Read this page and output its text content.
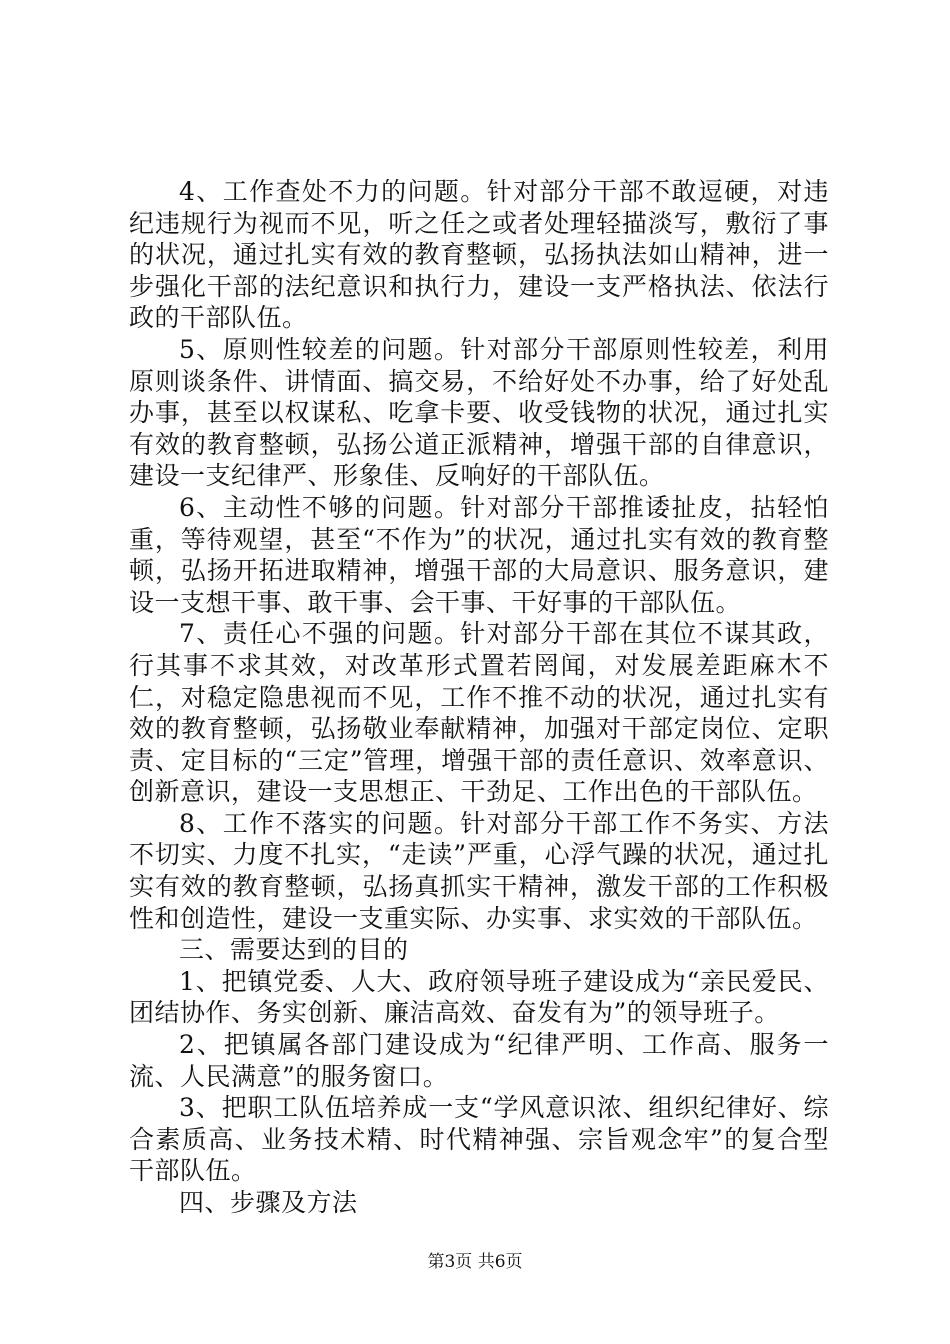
4、工作查处不力的问题。针对部分干部不敢逗硬，对违纪违规行为视而不见，听之任之或者处理轻描淡写，敷衍了事的状况，通过扎实有效的教育整顿，弘扬执法如山精神，进一步强化干部的法纪意识和执行力，建设一支严格执法、依法行政的干部队伍。

5、原则性较差的问题。针对部分干部原则性较差，利用原则谈条件、讲情面、搞交易，不给好处不办事，给了好处乱办事，甚至以权谋私、吃拿卡要、收受钱物的状况，通过扎实有效的教育整顿，弘扬公道正派精神，增强干部的自律意识，建设一支纪律严、形象佳、反响好的干部队伍。

6、主动性不够的问题。针对部分干部推诿扯皮，拈轻怕重，等待观望，甚至“不作为”的状况，通过扎实有效的教育整顿，弘扬开拓进取精神，增强干部的大局意识、服务意识，建设一支想干事、敢干事、会干事、干好事的干部队伍。

7、责任心不强的问题。针对部分干部在其位不谋其政，行其事不求其效，对改革形式置若罔闻，对发展差距麻木不仁，对稳定隐患视而不见，工作不推不动的状况，通过扎实有效的教育整顿，弘扬敬业奉献精神，加强对干部定岗位、定职责、定目标的“三定”管理，增强干部的责任意识、效率意识、创新意识，建设一支思想正、干劲足、工作出色的干部队伍。

8、工作不落实的问题。针对部分干部工作不务实、方法不切实、力度不扎实，“走读”严重，心浮气躁的状况，通过扎实有效的教育整顿，弘扬真抓实干精神，激发干部的工作积极性和创造性，建设一支重实际、办实事、求实效的干部队伍。

三、需要达到的目的

1、把镇党委、人大、政府领导班子建设成为“亲民爱民、团结协作、务实创新、廉洁高效、奋发有为”的领导班子。

2、把镇属各部门建设成为“纪律严明、工作高、服务一流、人民满意”的服务窗口。

3、把职工队伍培养成一支“学风意识浓、组织纪律好、综合素质高、业务技术精、时代精神强、宗旨观念牢”的复合型干部队伍。

四、步骤及方法

第3页 共6页
